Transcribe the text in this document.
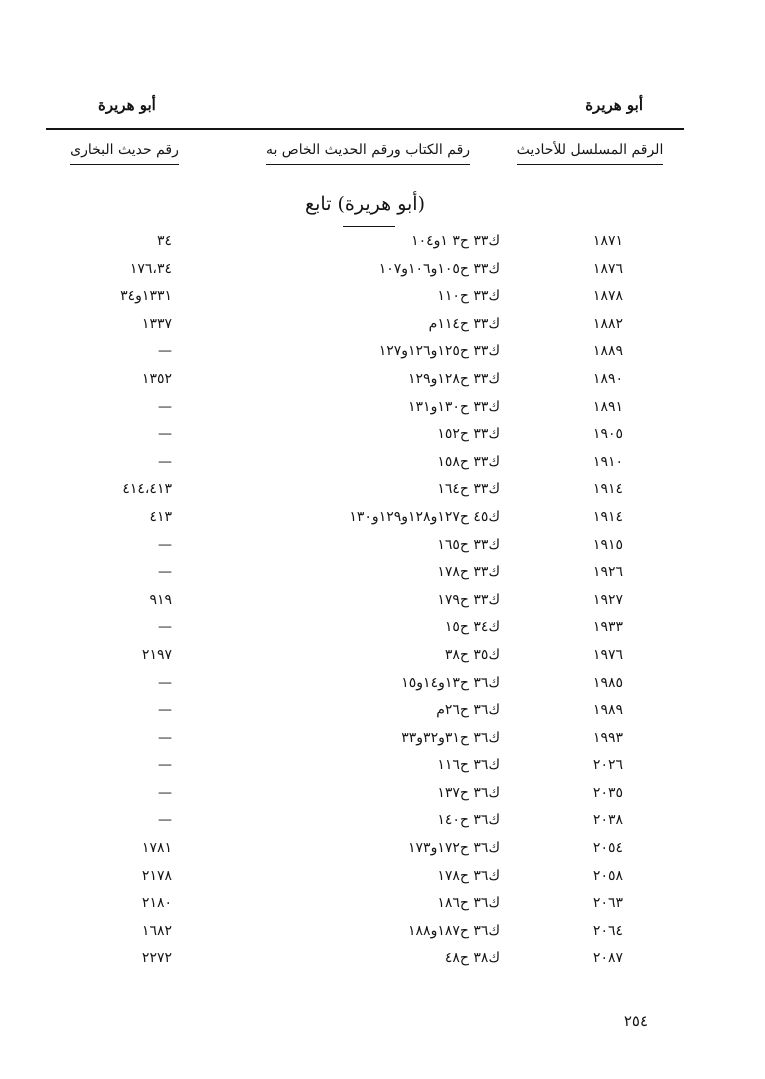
أبو هريرة
أبو هريرة
الرقم المسلسل للأحاديث
رقم الكتاب ورقم الحديث الخاص به
رقم حديث البخارى
(أبو هريرة) تابع
١٨٧١
ك٣٣ ح٣ ١و١٠٤
٣٤
١٨٧٦
ك٣٣ ح١٠٥و١٠٦و١٠٧
١٧٦،٣٤
١٨٧٨
ك٣٣ ح١١٠
١٣٣١و٣٤
١٨٨٢
ك٣٣ ح١١٤م
١٣٣٧
١٨٨٩
ك٣٣ ح١٢٥و١٢٦و١٢٧
—
١٨٩٠
ك٣٣ ح١٢٨و١٢٩
١٣٥٢
١٨٩١
ك٣٣ ح١٣٠و١٣١
—
١٩٠٥
ك٣٣ ح١٥٢
—
١٩١٠
ك٣٣ ح١٥٨
—
١٩١٤
ك٣٣ ح١٦٤
٤١٤،٤١٣
١٩١٤
ك٤٥ ح١٢٧و١٢٨و١٢٩و١٣٠
٤١٣
١٩١٥
ك٣٣ ح١٦٥
—
١٩٢٦
ك٣٣ ح١٧٨
—
١٩٢٧
ك٣٣ ح١٧٩
٩١٩
١٩٣٣
ك٣٤ ح١٥
—
١٩٧٦
ك٣٥ ح٣٨
٢١٩٧
١٩٨٥
ك٣٦ ح١٣و١٤و١٥
—
١٩٨٩
ك٣٦ ح٢٦م
—
١٩٩٣
ك٣٦ ح٣١و٣٢و٣٣
—
٢٠٢٦
ك٣٦ ح١١٦
—
٢٠٣٥
ك٣٦ ح١٣٧
—
٢٠٣٨
ك٣٦ ح١٤٠
—
٢٠٥٤
ك٣٦ ح١٧٢و١٧٣
١٧٨١
٢٠٥٨
ك٣٦ ح١٧٨
٢١٧٨
٢٠٦٣
ك٣٦ ح١٨٦
٢١٨٠
٢٠٦٤
ك٣٦ ح١٨٧و١٨٨
١٦٨٢
٢٠٨٧
ك٣٨ ح٤٨
٢٢٧٢
٢٥٤
